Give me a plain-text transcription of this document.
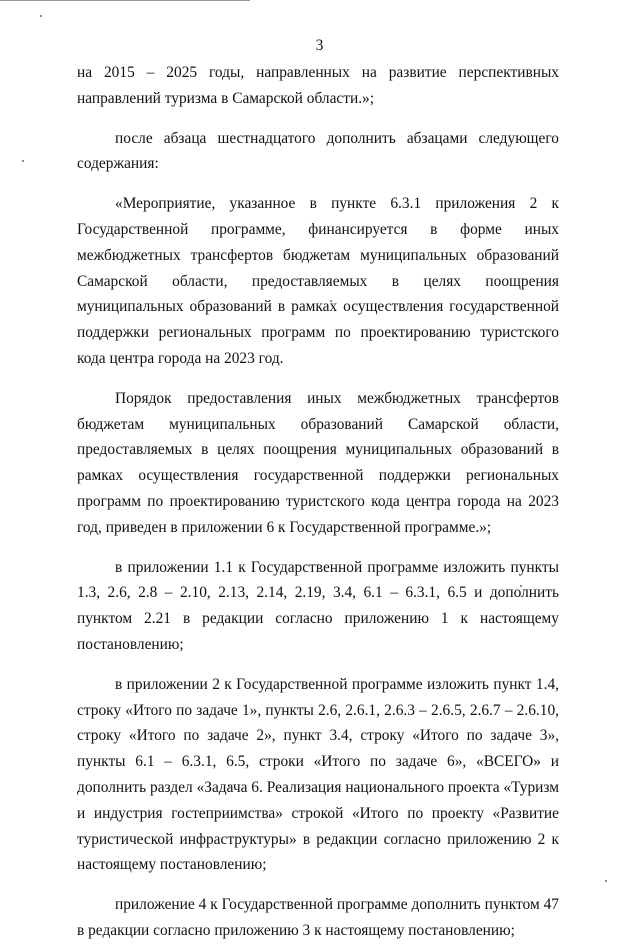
3

на 2015 – 2025 годы, направленных на развитие перспективных направлений туризма в Самарской области.»;

после абзаца шестнадцатого дополнить абзацами следующего содержания:

«Мероприятие, указанное в пункте 6.3.1 приложения 2 к Государственной программе, финансируется в форме иных межбюджетных трансфертов бюджетам муниципальных образований Самарской области, предоставляемых в целях поощрения муниципальных образований в рамках осуществления государственной поддержки региональных программ по проектированию туристского кода центра города на 2023 год.

Порядок предоставления иных межбюджетных трансфертов бюджетам муниципальных образований Самарской области, предоставляемых в целях поощрения муниципальных образований в рамках осуществления государственной поддержки региональных программ по проектированию туристского кода центра города на 2023 год, приведен в приложении 6 к Государственной программе.»;

в приложении 1.1 к Государственной программе изложить пункты 1.3, 2.6, 2.8 – 2.10, 2.13, 2.14, 2.19, 3.4, 6.1 – 6.3.1, 6.5 и дополнить пунктом 2.21 в редакции согласно приложению 1 к настоящему постановлению;

в приложении 2 к Государственной программе изложить пункт 1.4, строку «Итого по задаче 1», пункты 2.6, 2.6.1, 2.6.3 – 2.6.5, 2.6.7 – 2.6.10, строку «Итого по задаче 2», пункт 3.4, строку «Итого по задаче 3», пункты 6.1 – 6.3.1, 6.5, строки «Итого по задаче 6», «ВСЕГО» и дополнить раздел «Задача 6. Реализация национального проекта «Туризм и индустрия гостеприимства» строкой «Итого по проекту «Развитие туристической инфраструктуры» в редакции согласно приложению 2 к настоящему постановлению;

приложение 4 к Государственной программе дополнить пунктом 47 в редакции согласно приложению 3 к настоящему постановлению;
